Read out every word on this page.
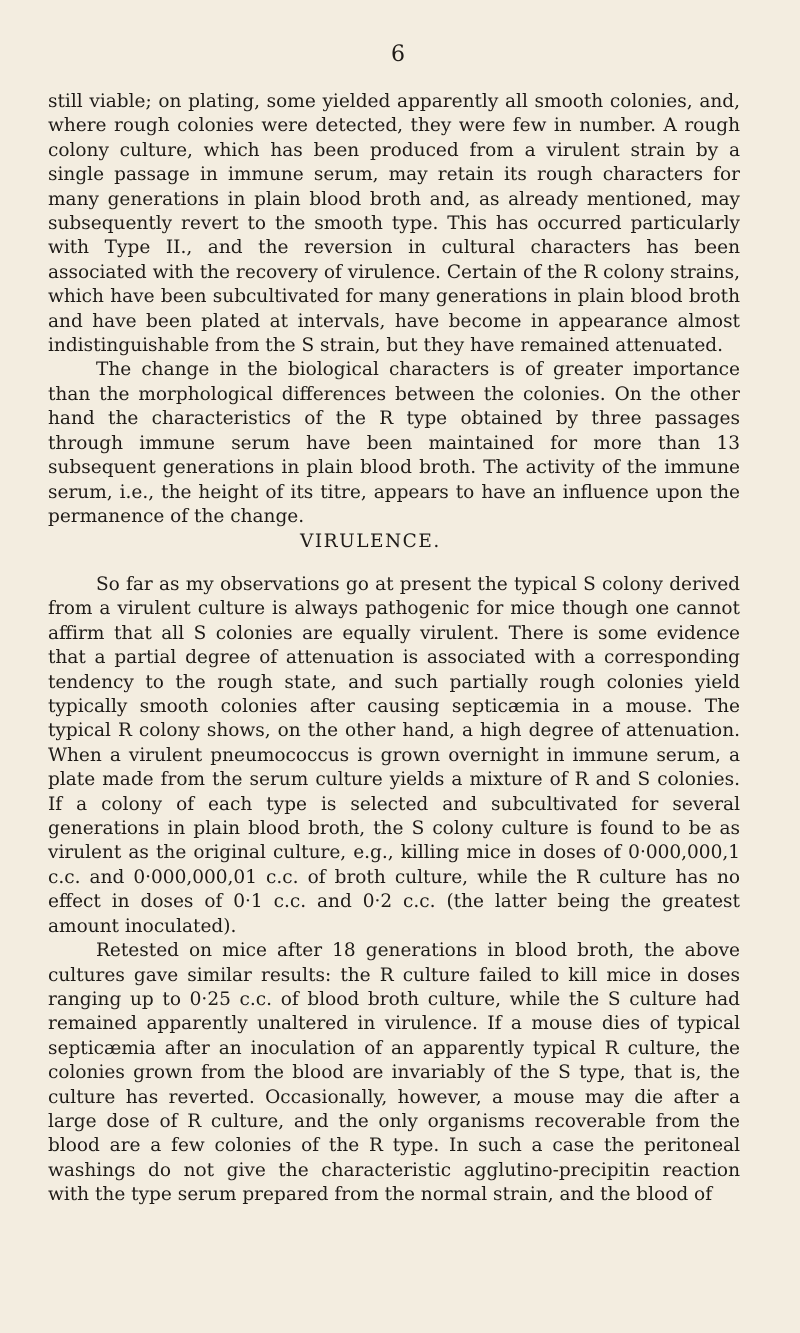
6

still viable; on plating, some yielded apparently all smooth colonies, and, where rough colonies were detected, they were few in number. A rough colony culture, which has been produced from a virulent strain by a single passage in immune serum, may retain its rough characters for many generations in plain blood broth and, as already mentioned, may subsequently revert to the smooth type. This has occurred particularly with Type II., and the reversion in cultural characters has been associated with the recovery of virulence. Certain of the R colony strains, which have been subcultivated for many generations in plain blood broth and have been plated at intervals, have become in appearance almost indistinguishable from the S strain, but they have remained attenuated.

The change in the biological characters is of greater importance than the morphological differences between the colonies. On the other hand the characteristics of the R type obtained by three passages through immune serum have been maintained for more than 13 subsequent generations in plain blood broth. The activity of the immune serum, i.e., the height of its titre, appears to have an influence upon the permanence of the change.

VIRULENCE.

So far as my observations go at present the typical S colony derived from a virulent culture is always pathogenic for mice though one cannot affirm that all S colonies are equally virulent. There is some evidence that a partial degree of attenuation is associated with a corresponding tendency to the rough state, and such partially rough colonies yield typically smooth colonies after causing septicæmia in a mouse. The typical R colony shows, on the other hand, a high degree of attenuation. When a virulent pneumococcus is grown overnight in immune serum, a plate made from the serum culture yields a mixture of R and S colonies. If a colony of each type is selected and subcultivated for several generations in plain blood broth, the S colony culture is found to be as virulent as the original culture, e.g., killing mice in doses of 0·000,000,1 c.c. and 0·000,000,01 c.c. of broth culture, while the R culture has no effect in doses of 0·1 c.c. and 0·2 c.c. (the latter being the greatest amount inoculated).

Retested on mice after 18 generations in blood broth, the above cultures gave similar results: the R culture failed to kill mice in doses ranging up to 0·25 c.c. of blood broth culture, while the S culture had remained apparently unaltered in virulence. If a mouse dies of typical septicæmia after an inoculation of an apparently typical R culture, the colonies grown from the blood are invariably of the S type, that is, the culture has reverted. Occasionally, however, a mouse may die after a large dose of R culture, and the only organisms recoverable from the blood are a few colonies of the R type. In such a case the peritoneal washings do not give the characteristic agglutino-precipitin reaction with the type serum prepared from the normal strain, and the blood of
